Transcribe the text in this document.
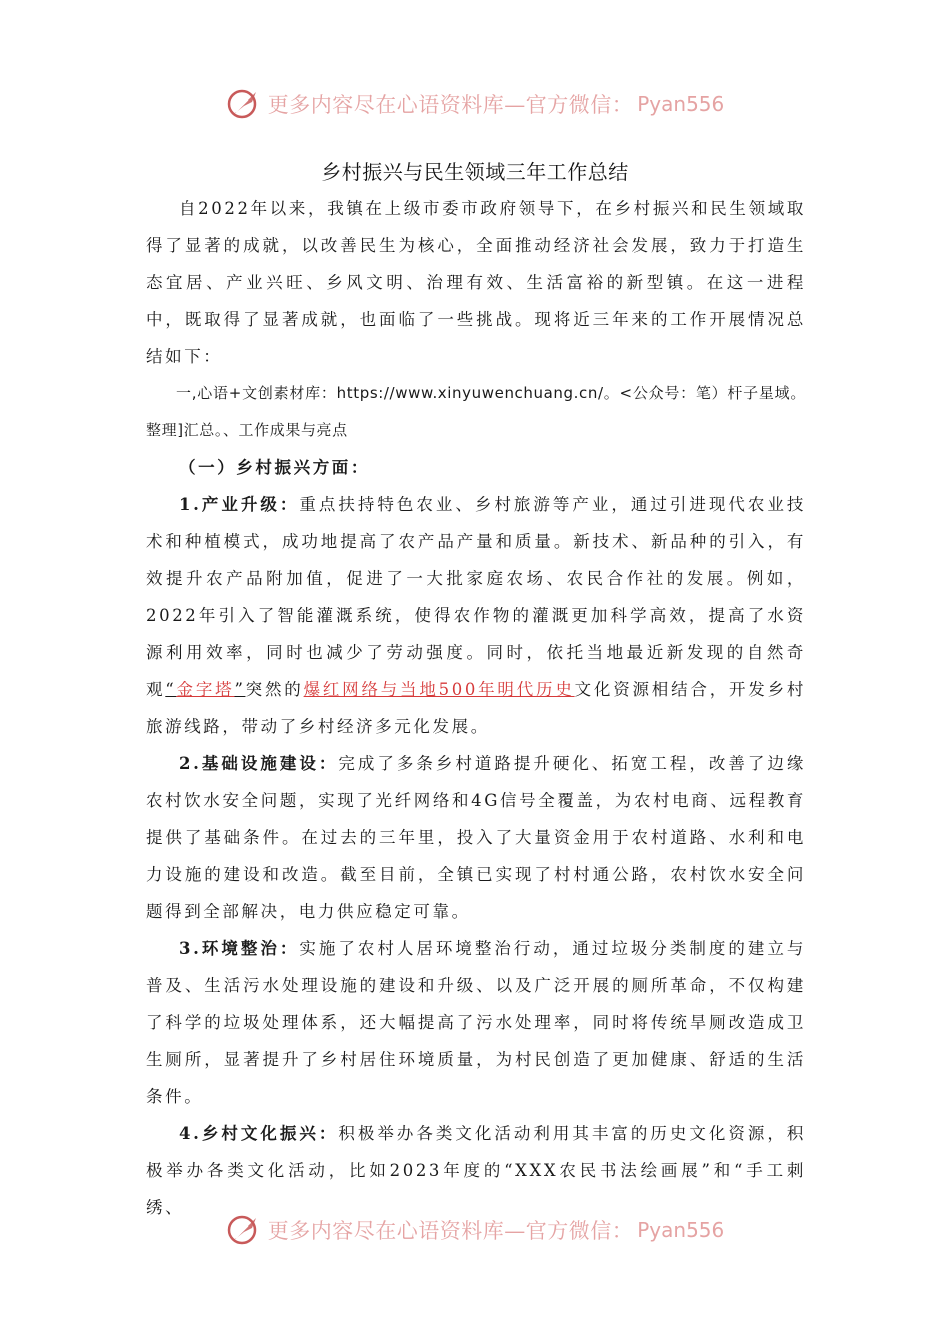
更多内容尽在心语资料库—官方微信： Pyan556
乡村振兴与民生领域三年工作总结

自2022年以来，我镇在上级市委市政府领导下，在乡村振兴和民生领域取得了显著的成就，以改善民生为核心，全面推动经济社会发展，致力于打造生态宜居、产业兴旺、乡风文明、治理有效、生活富裕的新型镇。在这一进程中，既取得了显著成就，也面临了一些挑战。现将近三年来的工作开展情况总结如下：

一,心语+文创素材库：https://www.xinyuwenchuang.cn/。<公众号：笔）杆子星域。整理]汇总。、工作成果与亮点

（一）乡村振兴方面：

1.产业升级：重点扶持特色农业、乡村旅游等产业，通过引进现代农业技术和种植模式，成功地提高了农产品产量和质量。新技术、新品种的引入，有效提升农产品附加值，促进了一大批家庭农场、农民合作社的发展。例如，2022年引入了智能灌溉系统，使得农作物的灌溉更加科学高效，提高了水资源利用效率，同时也减少了劳动强度。同时，依托当地最近新发现的自然奇观“金字塔”突然的爆红网络与当地500年明代历史文化资源相结合，开发乡村旅游线路，带动了乡村经济多元化发展。

2.基础设施建设：完成了多条乡村道路提升硬化、拓宽工程，改善了边缘农村饮水安全问题，实现了光纤网络和4G信号全覆盖，为农村电商、远程教育提供了基础条件。在过去的三年里，投入了大量资金用于农村道路、水利和电力设施的建设和改造。截至目前，全镇已实现了村村通公路，农村饮水安全问题得到全部解决，电力供应稳定可靠。

3.环境整治：实施了农村人居环境整治行动，通过垃圾分类制度的建立与普及、生活污水处理设施的建设和升级、以及广泛开展的厕所革命，不仅构建了科学的垃圾处理体系，还大幅提高了污水处理率，同时将传统旱厕改造成卫生厕所，显著提升了乡村居住环境质量，为村民创造了更加健康、舒适的生活条件。

4.乡村文化振兴：积极举办各类文化活动利用其丰富的历史文化资源，积极举办各类文化活动，比如2023年度的“XXX农民书法绘画展”和“手工刺绣、

更多内容尽在心语资料库—官方微信： Pyan556
